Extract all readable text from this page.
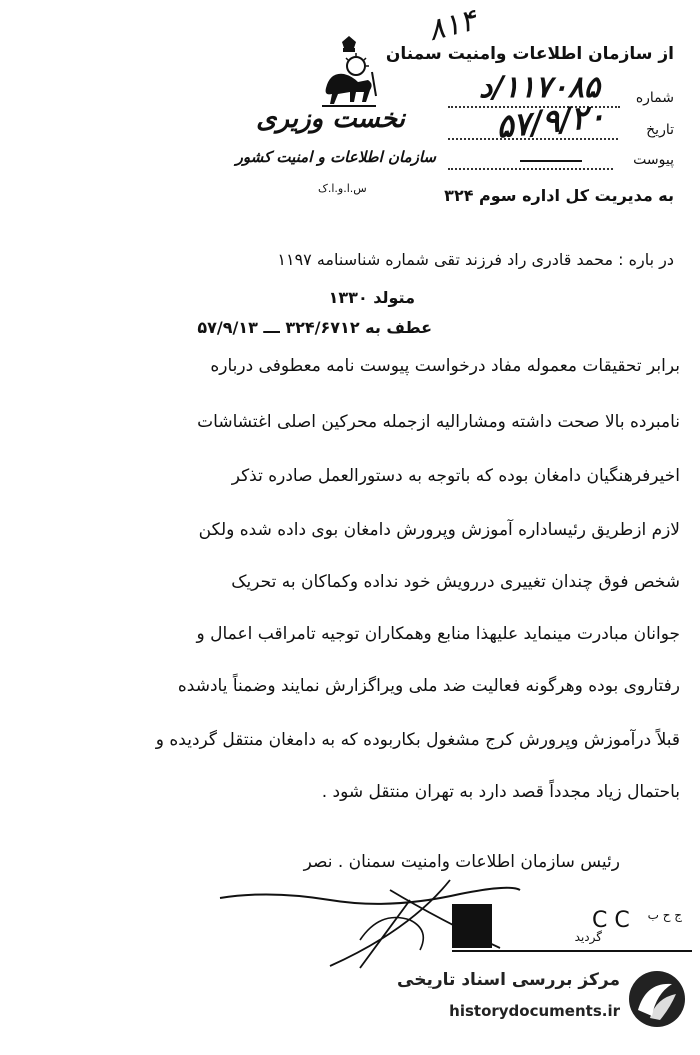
۸۱۴
نخست وزیری
سازمان اطلاعات و امنیت کشور
س.ا.و.ا.ک
از سازمان اطلاعات وامنیت سمنان
شماره
۱۱۷۰۸۵/د
تاریخ
۵۷/۹/۲۰
پیوست
به مدیریت کل اداره سوم ۳۲۴
در باره : محمد قادری راد فرزند تقی شماره شناسنامه ۱۱۹۷
متولد ۱۳۳۰
عطف به ۳۲۴/۶۷۱۲ ـــ ۵۷/۹/۱۳
برابر تحقیقات معموله مفاد درخواست پیوست نامه معطوفی درباره
نامبرده بالا صحت داشته ومشارالیه ازجمله محرکین اصلی اغتشاشات
اخیرفرهنگیان دامغان بوده که باتوجه به دستورالعمل صادره تذکر
لازم ازطریق رئیساداره آموزش وپرورش دامغان بوی داده شده ولکن
شخص فوق چندان تغییری دررویش خود نداده وکماکان به تحریک
جوانان مبادرت مینماید علیهذا منابع وهمکاران توجیه تامراقب اعمال و
رفتاروی بوده وهرگونه فعالیت ضد ملی ویراگزارش نمایند وضمناً یادشده
قبلاً درآموزش وپرورش کرج مشغول بکاربوده که به دامغان منتقل گردیده و
باحتمال زیاد مجدداً قصد دارد به تهران منتقل شود .
رئیس سازمان اطلاعات وامنیت سمنان . نصر
C C ج ح ب
گردید
مرکز بررسی اسناد تاریخی
historydocuments.ir
